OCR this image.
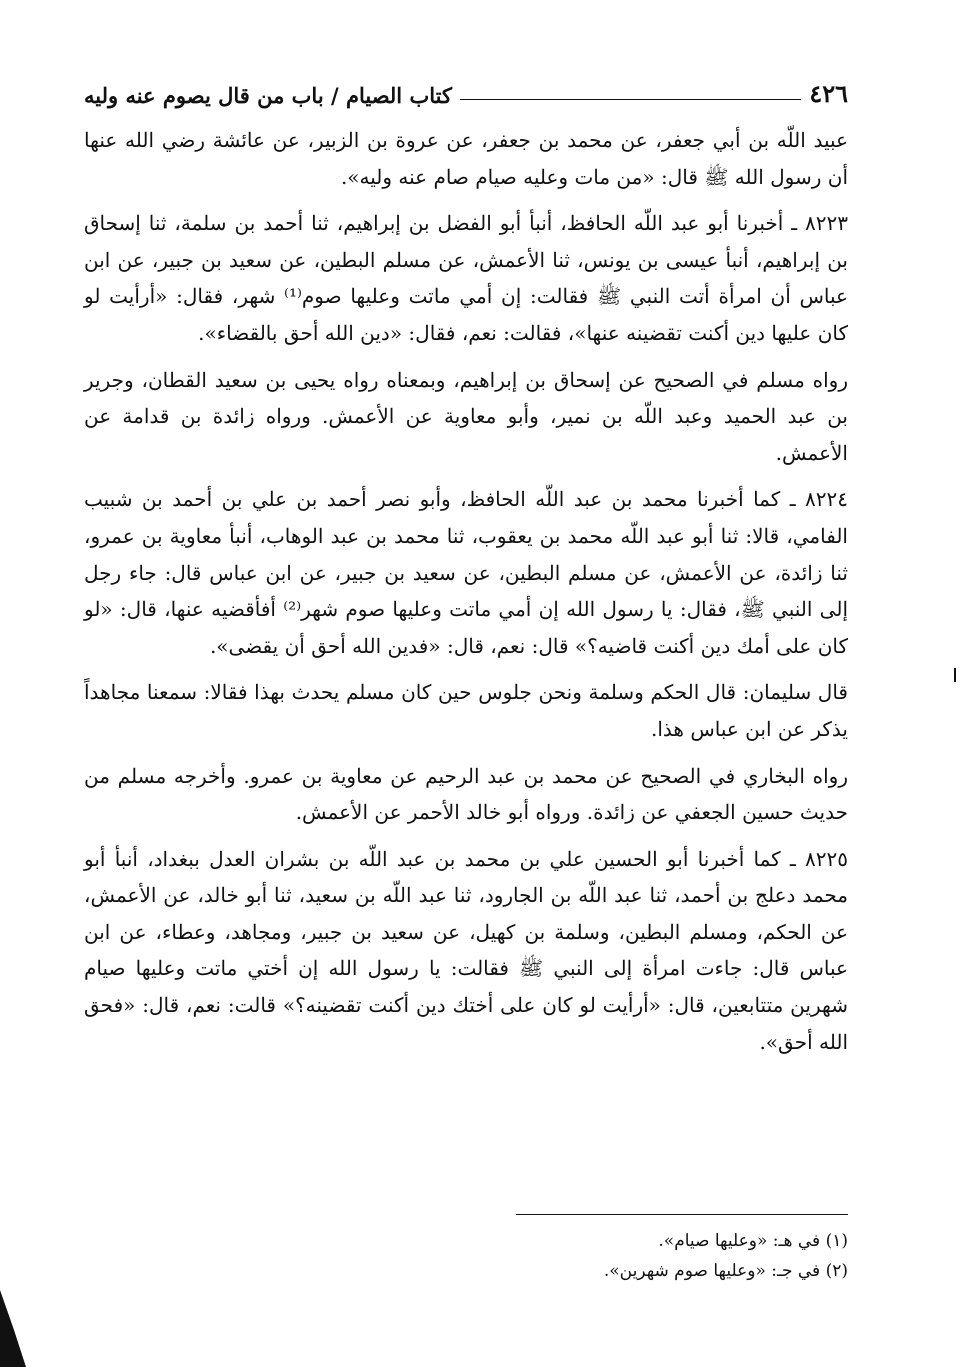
٤٢٦
كتاب الصيام / باب من قال يصوم عنه وليه

عبيد اللّه بن أبي جعفر، عن محمد بن جعفر، عن عروة بن الزبير، عن عائشة رضي الله عنها أن رسول الله ﷺ قال: «من مات وعليه صيام صام عنه وليه».

٨٢٢٣ ـ أخبرنا أبو عبد اللّه الحافظ، أنبأ أبو الفضل بن إبراهيم، ثنا أحمد بن سلمة، ثنا إسحاق بن إبراهيم، أنبأ عيسى بن يونس، ثنا الأعمش، عن مسلم البطين، عن سعيد بن جبير، عن ابن عباس أن امرأة أتت النبي ﷺ فقالت: إن أمي ماتت وعليها صوم⁽¹⁾ شهر، فقال: «أرأيت لو كان عليها دين أكنت تقضينه عنها»، فقالت: نعم، فقال: «دين الله أحق بالقضاء».

رواه مسلم في الصحيح عن إسحاق بن إبراهيم، وبمعناه رواه يحيى بن سعيد القطان، وجرير بن عبد الحميد وعبد اللّه بن نمير، وأبو معاوية عن الأعمش. ورواه زائدة بن قدامة عن الأعمش.

٨٢٢٤ ـ كما أخبرنا محمد بن عبد اللّه الحافظ، وأبو نصر أحمد بن علي بن أحمد بن شبيب الفامي، قالا: ثنا أبو عبد اللّه محمد بن يعقوب، ثنا محمد بن عبد الوهاب، أنبأ معاوية بن عمرو، ثنا زائدة، عن الأعمش، عن مسلم البطين، عن سعيد بن جبير، عن ابن عباس قال: جاء رجل إلى النبي ﷺ، فقال: يا رسول الله إن أمي ماتت وعليها صوم شهر⁽²⁾ أفأقضيه عنها، قال: «لو كان على أمك دين أكنت قاضيه؟» قال: نعم، قال: «فدين الله أحق أن يقضى».

قال سليمان: قال الحكم وسلمة ونحن جلوس حين كان مسلم يحدث بهذا فقالا: سمعنا مجاهداً يذكر عن ابن عباس هذا.

رواه البخاري في الصحيح عن محمد بن عبد الرحيم عن معاوية بن عمرو. وأخرجه مسلم من حديث حسين الجعفي عن زائدة. ورواه أبو خالد الأحمر عن الأعمش.

٨٢٢٥ ـ كما أخبرنا أبو الحسين علي بن محمد بن عبد اللّه بن بشران العدل ببغداد، أنبأ أبو محمد دعلج بن أحمد، ثنا عبد اللّه بن الجارود، ثنا عبد اللّه بن سعيد، ثنا أبو خالد، عن الأعمش، عن الحكم، ومسلم البطين، وسلمة بن كهيل، عن سعيد بن جبير، ومجاهد، وعطاء، عن ابن عباس قال: جاءت امرأة إلى النبي ﷺ فقالت: يا رسول الله إن أختي ماتت وعليها صيام شهرين متتابعين، قال: «أرأيت لو كان على أختك دين أكنت تقضينه؟» قالت: نعم، قال: «فحق الله أحق».

(١) في هـ: «وعليها صيام».

(٢) في جـ: «وعليها صوم شهرين».
